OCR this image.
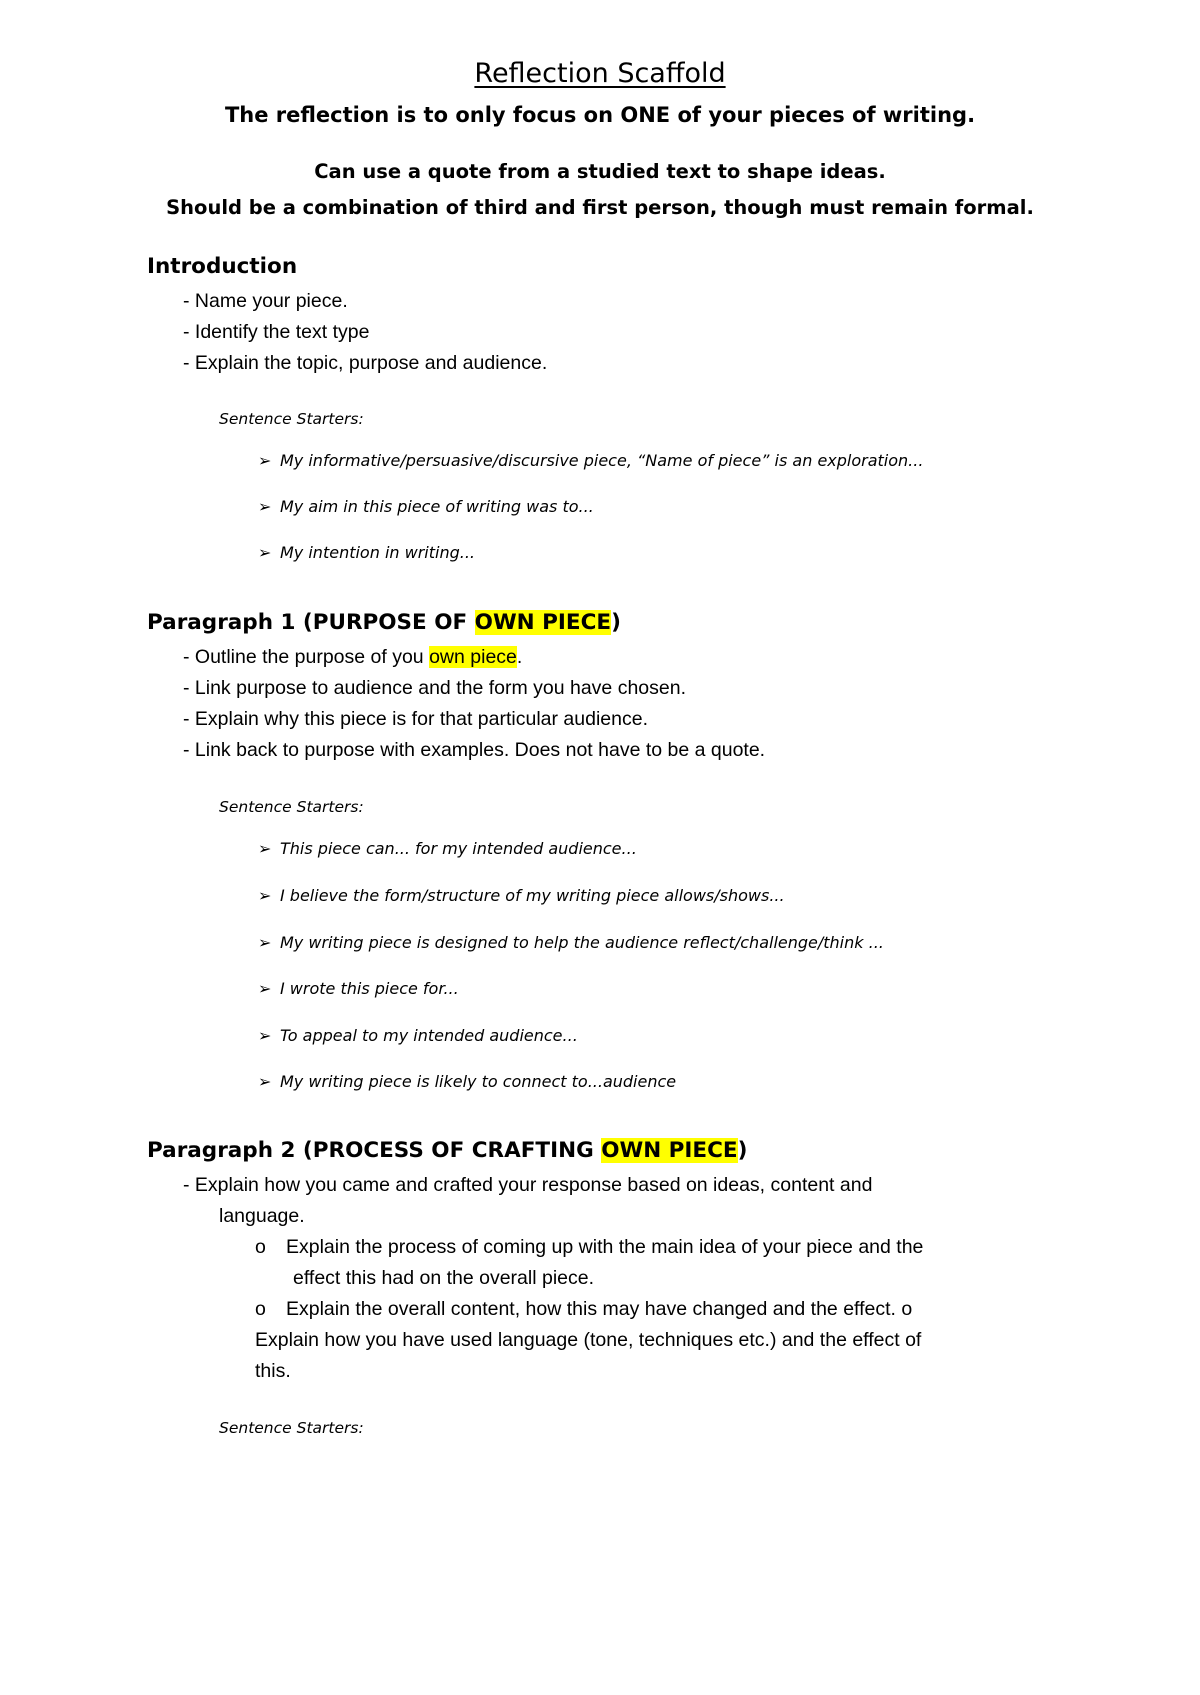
Reflection Scaffold
The reflection is to only focus on ONE of your pieces of writing.
Can use a quote from a studied text to shape ideas.
Should be a combination of third and first person, though must remain formal.
Introduction
- Name your piece.
- Identify the text type
- Explain the topic, purpose and audience.
Sentence Starters:
➢ My informative/persuasive/discursive piece, “Name of piece” is an exploration...
➢ My aim in this piece of writing was to...
➢ My intention in writing...
Paragraph 1 (PURPOSE OF OWN PIECE)
- Outline the purpose of you own piece.
- Link purpose to audience and the form you have chosen.
- Explain why this piece is for that particular audience.
- Link back to purpose with examples. Does not have to be a quote.
Sentence Starters:
➢ This piece can... for my intended audience...
➢ I believe the form/structure of my writing piece allows/shows...
➢ My writing piece is designed to help the audience reflect/challenge/think ...
➢ I wrote this piece for...
➢ To appeal to my intended audience...
➢ My writing piece is likely to connect to...audience
Paragraph 2 (PROCESS OF CRAFTING OWN PIECE)
- Explain how you came and crafted your response based on ideas, content and
language.
o Explain the process of coming up with the main idea of your piece and the
effect this had on the overall piece.
o Explain the overall content, how this may have changed and the effect. o
Explain how you have used language (tone, techniques etc.) and the effect of
this.
Sentence Starters:
